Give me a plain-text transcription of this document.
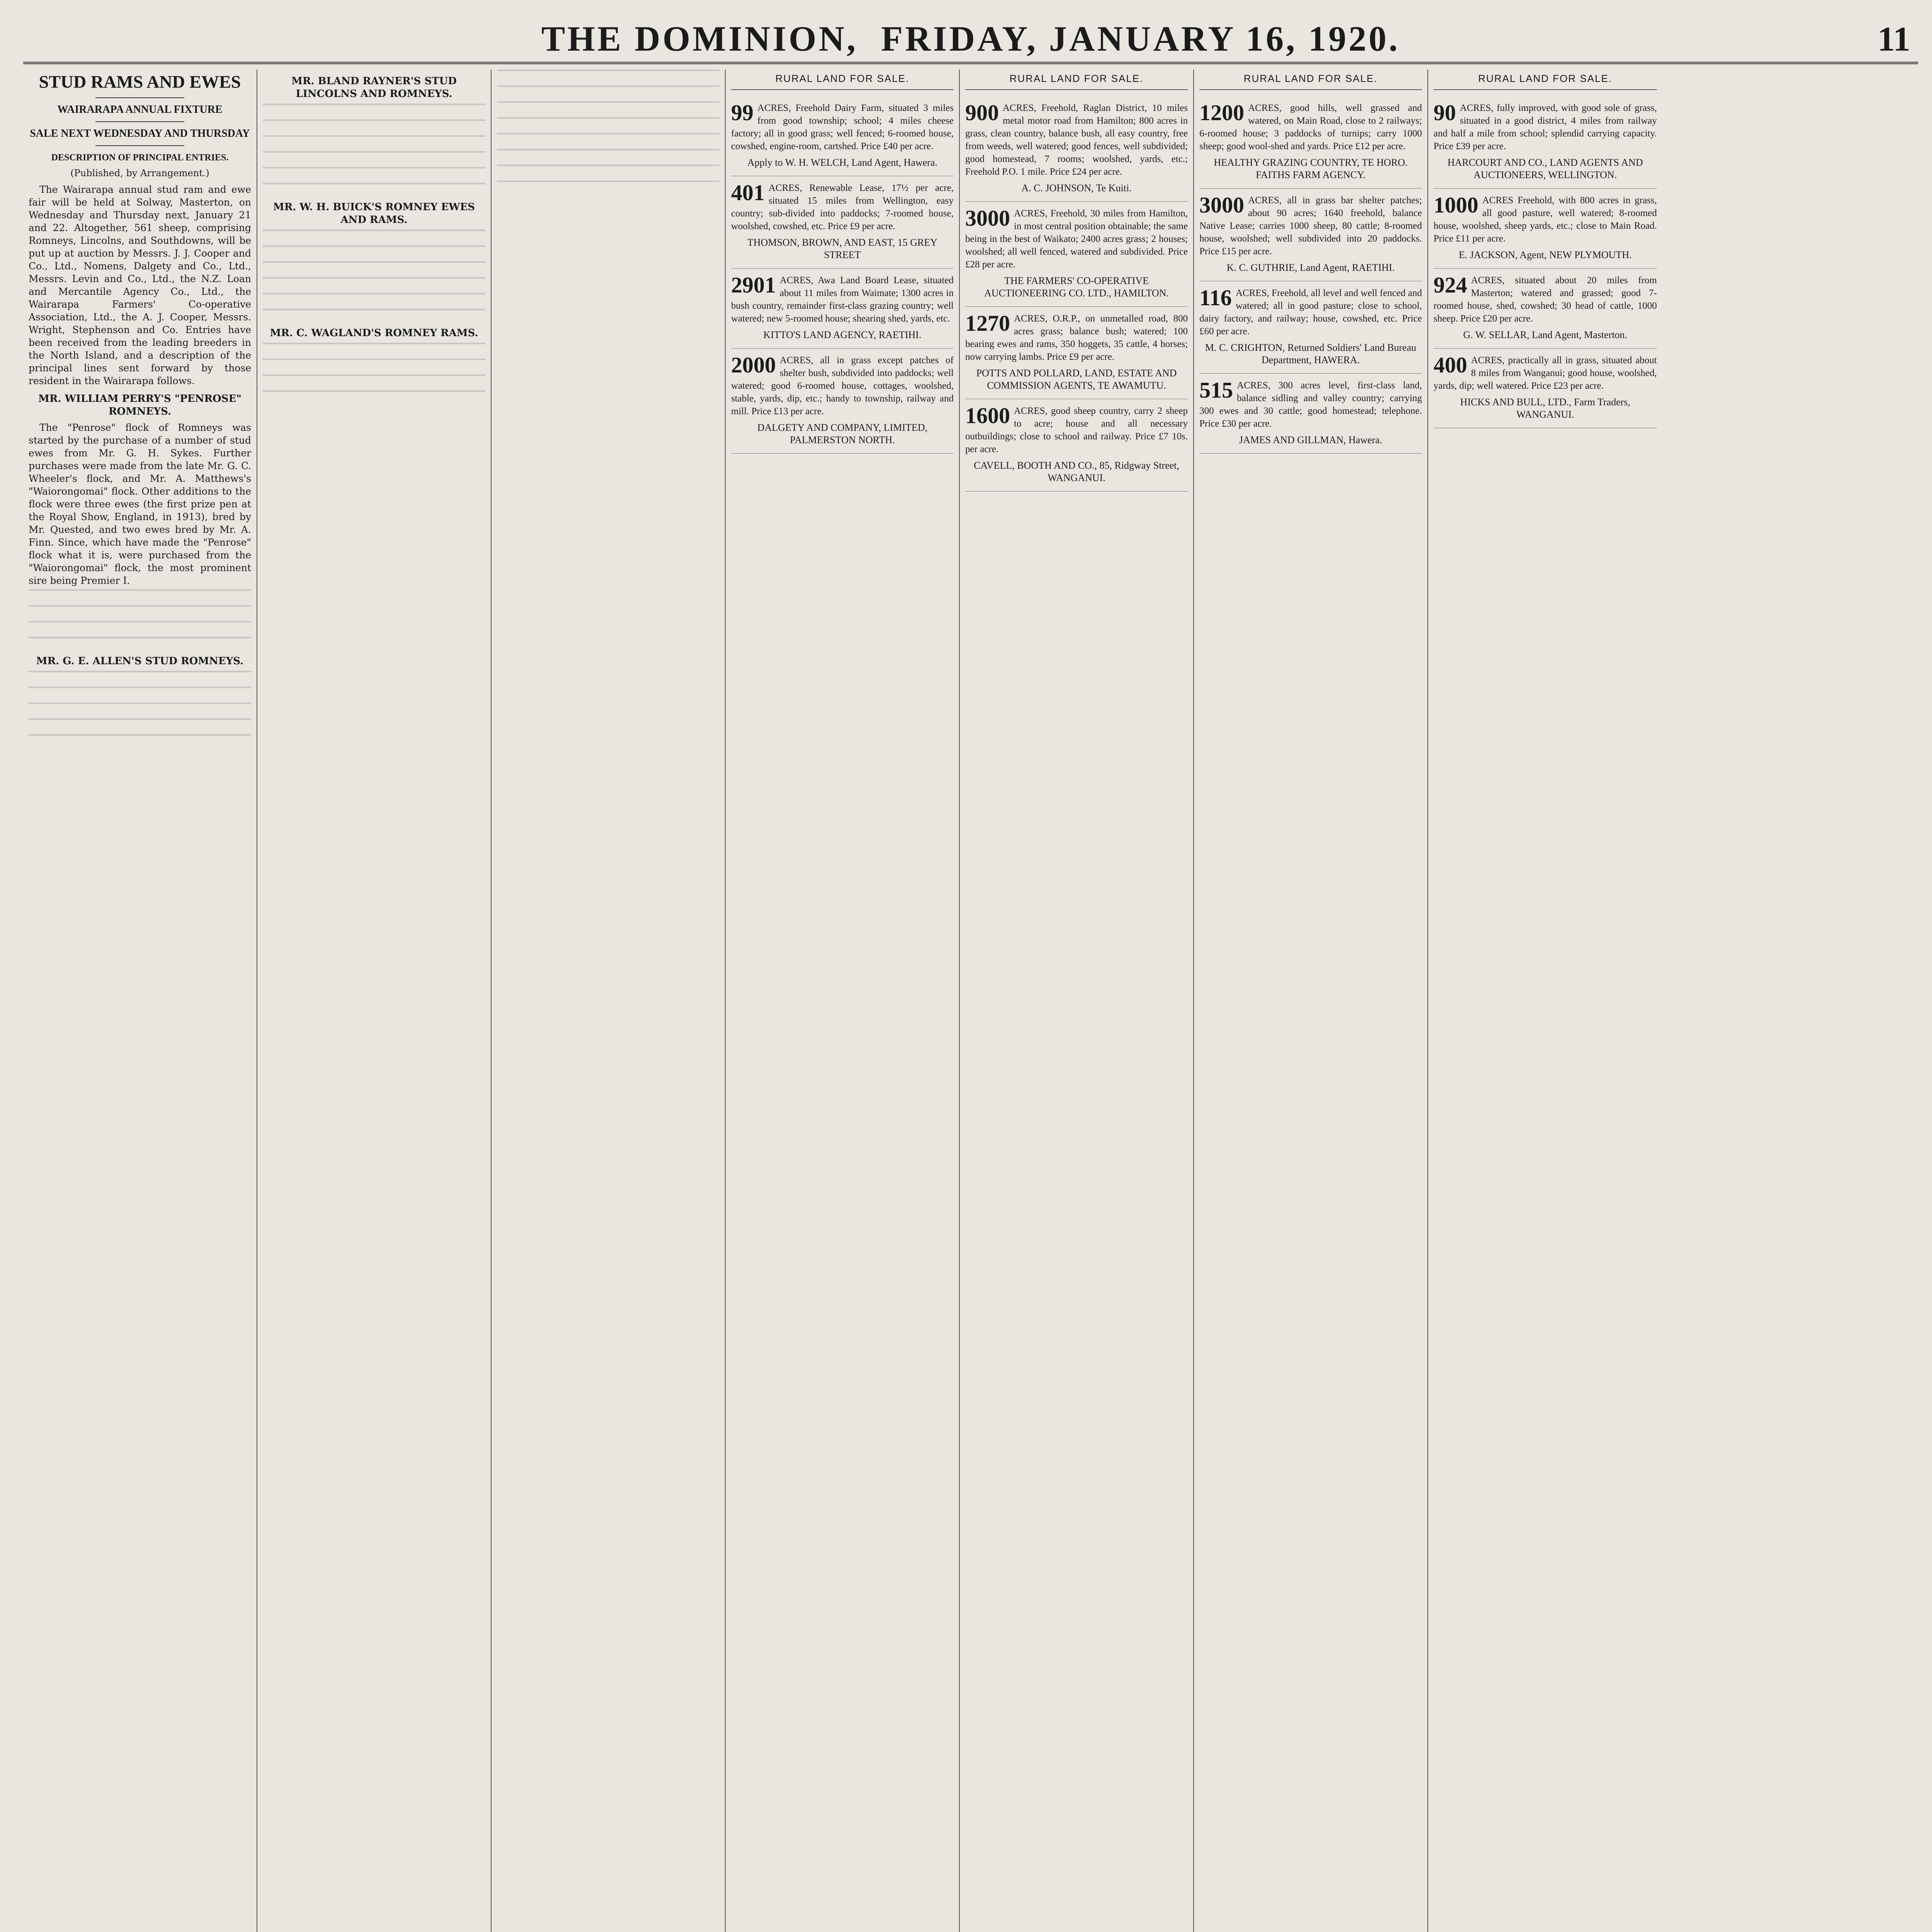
THE DOMINION, FRIDAY, JANUARY 16, 1920.	11
STUD RAMS AND EWES
WAIRARAPA ANNUAL FIXTURE
SALE NEXT WEDNESDAY AND THURSDAY
DESCRIPTION OF PRINCIPAL ENTRIES.
(Published, by Arrangement.)

The Wairarapa annual stud ram and ewe fair will be held at Solway, Masterton, on Wednesday and Thursday next, January 21 and 22. Altogether, 561 sheep, comprising Romneys, Lincolns, and Southdowns, will be put up at auction by Messrs. J. J. Cooper and Co., Ltd., Nomens, Dalgety and Co., Ltd., Messrs. Levin and Co., Ltd., the N.Z. Loan and Mercantile Agency Co., Ltd., the Wairarapa Farmers' Co-operative Association, Ltd., the A. J. Cooper, Messrs. Wright, Stephenson and Co. Entries have been received from the leading breeders in the North Island, and a description of the principal lines sent forward by those resident in the Wairarapa follows.

MR. WILLIAM PERRY'S "PENROSE" ROMNEYS.

The "Penrose" flock of Romneys was started by the purchase of a number of stud ewes from Mr. G. H. Sykes. Further purchases were made from the late Mr. G. C. Wheeler's flock, and Mr. A. Matthews's "Waiorongomai" flock. Other additions to the flock were three ewes (the first prize pen at the Royal Show, England, in 1913), bred by Mr. Quested, and two ewes bred by Mr. A. Finn. Since, which have made the "Penrose" flock what it is, were purchased from the "Waiorongomai" flock, the most prominent sire being Premier I.

MR. G. E. ALLEN'S STUD ROMNEYS.
MR. BLAND RAYNER'S STUD LINCOLNS AND ROMNEYS.
MR. W. H. BUICK'S ROMNEY EWES AND RAMS.
MR. C. WAGLAND'S ROMNEY RAMS.
RURAL LAND FOR SALE.

99 ACRES, Freehold Dairy Farm, situated 3 miles from good township; school; 4 miles cheese factory; all in good grass; well fenced; 6-roomed house, cowshed, engine-room, cartshed. Price £40 per acre.

Apply to W. H. WELCH, Land Agent, Hawera.

401 ACRES, Renewable Lease, 17½ per acre, situated 15 miles from Wellington, easy country; sub-divided into paddocks; 7-roomed house, woolshed, cowshed, etc. Price £9 per acre.

THOMSON, BROWN, AND EAST, 15 GREY STREET

2901 ACRES, Awa Land Board Lease, situated about 11 miles from Waimate; 1300 acres in bush country, remainder first-class grazing country; well watered; new 5-roomed house; shearing shed, yards, etc.

KITTO'S LAND AGENCY, RAETIHI.

2000 ACRES, all in grass except patches of shelter bush, subdivided into paddocks; well watered; good 6-roomed house, cottages, woolshed, stable, yards, dip, etc.; handy to township, railway and mill. Price £13 per acre.

DALGETY AND COMPANY, LIMITED, PALMERSTON NORTH.
RURAL LAND FOR SALE.

900 ACRES, Freehold, Raglan District, 10 miles metal motor road from Hamilton; 800 acres in grass, clean country, balance bush, all easy country, free from weeds, well watered; good fences, well subdivided; good homestead, 7 rooms; woolshed, yards, etc.; Freehold P.O. 1 mile. Price £24 per acre.

A. C. JOHNSON, Te Kuiti.

3000 ACRES, Freehold, 30 miles from Hamilton, in most central position obtainable; the same being in the best of Waikato; 2400 acres grass; 2 houses; woolshed; all well fenced, watered and subdivided. Price £28 per acre.

THE FARMERS' CO-OPERATIVE AUCTIONEERING CO. LTD., HAMILTON.

1270 ACRES, O.R.P., on unmetalled road, 800 acres grass; balance bush; watered; 100 bearing ewes and rams, 350 hoggets, 35 cattle, 4 horses; now carrying lambs. Price £9 per acre.

POTTS AND POLLARD, LAND, ESTATE AND COMMISSION AGENTS, TE AWAMUTU.

1600 ACRES, good sheep country, carry 2 sheep to acre; house and all necessary outbuildings; close to school and railway. Price £7 10s. per acre.

CAVELL, BOOTH AND CO., 85, Ridgway Street, WANGANUI.
RURAL LAND FOR SALE.

1200 ACRES, good hills, well grassed and watered, on Main Road, close to 2 railways; 6-roomed house; 3 paddocks of turnips; carry 1000 sheep; good wool-shed and yards. Price £12 per acre.

HEALTHY GRAZING COUNTRY, TE HORO. FAITHS FARM AGENCY.

3000 ACRES, all in grass bar shelter patches; about 90 acres; 1640 freehold, balance Native Lease; carries 1000 sheep, 80 cattle; 8-roomed house, woolshed; well subdivided into 20 paddocks. Price £15 per acre.

K. C. GUTHRIE, Land Agent, RAETIHI.

116 ACRES, Freehold, all level and well fenced and watered; all in good pasture; close to school, dairy factory, and railway; house, cowshed, etc. Price £60 per acre.

M. C. CRIGHTON, Returned Soldiers' Land Bureau Department, HAWERA.

515 ACRES, 300 acres level, first-class land, balance sidling and valley country; carrying 300 ewes and 30 cattle; good homestead; telephone. Price £30 per acre.

JAMES AND GILLMAN, Hawera.
RURAL LAND FOR SALE.

90 ACRES, fully improved, with good sole of grass, situated in a good district, 4 miles from railway and half a mile from school; splendid carrying capacity. Price £39 per acre.

HARCOURT AND CO., LAND AGENTS AND AUCTIONEERS, WELLINGTON.

1000 ACRES Freehold, with 800 acres in grass, all good pasture, well watered; 8-roomed house, woolshed, sheep yards, etc.; close to Main Road. Price £11 per acre.

E. JACKSON, Agent, NEW PLYMOUTH.

924 ACRES, situated about 20 miles from Masterton; watered and grassed; good 7-roomed house, shed, cowshed; 30 head of cattle, 1000 sheep. Price £20 per acre.

G. W. SELLAR, Land Agent, Masterton.

400 ACRES, practically all in grass, situated about 8 miles from Wanganui; good house, woolshed, yards, dip; well watered. Price £23 per acre.

HICKS AND BULL, LTD., Farm Traders, WANGANUI.
